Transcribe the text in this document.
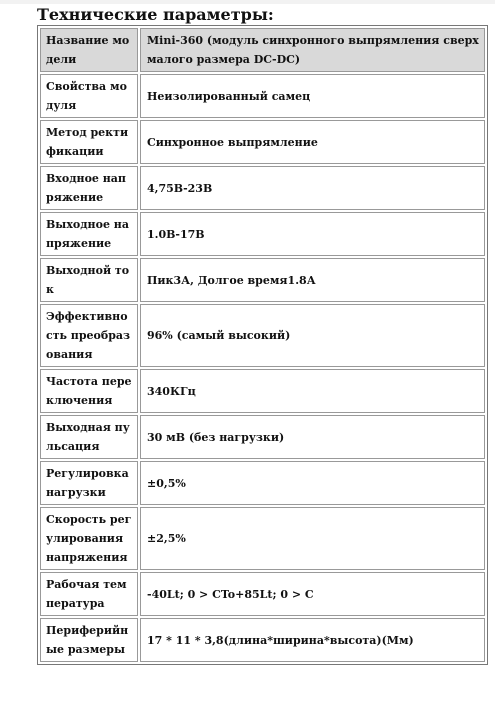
Технические параметры:
Название модели	Mini-360 (модуль синхронного выпрямления сверхмалого размера DC-DC)
Свойства модуля	Неизолированный самец
Метод ректификации	Синхронное выпрямление
Входное напряжение	4,75В-23В
Выходное напряжение	1.0В-17В
Выходной ток	Пик3А, Долгое время1.8А
Эффективность преобразования	96% (самый высокий)
Частота переключения	340КГц
Выходная пульсация	30 мВ (без нагрузки)
Регулировка нагрузки	±0,5%
Скорость регулирования напряжения	±2,5%
Рабочая температура	-40Lt; 0 > CTo+85Lt; 0 > C
Периферийные размеры	17 * 11 * 3,8(длина*ширина*высота)(Мм)
